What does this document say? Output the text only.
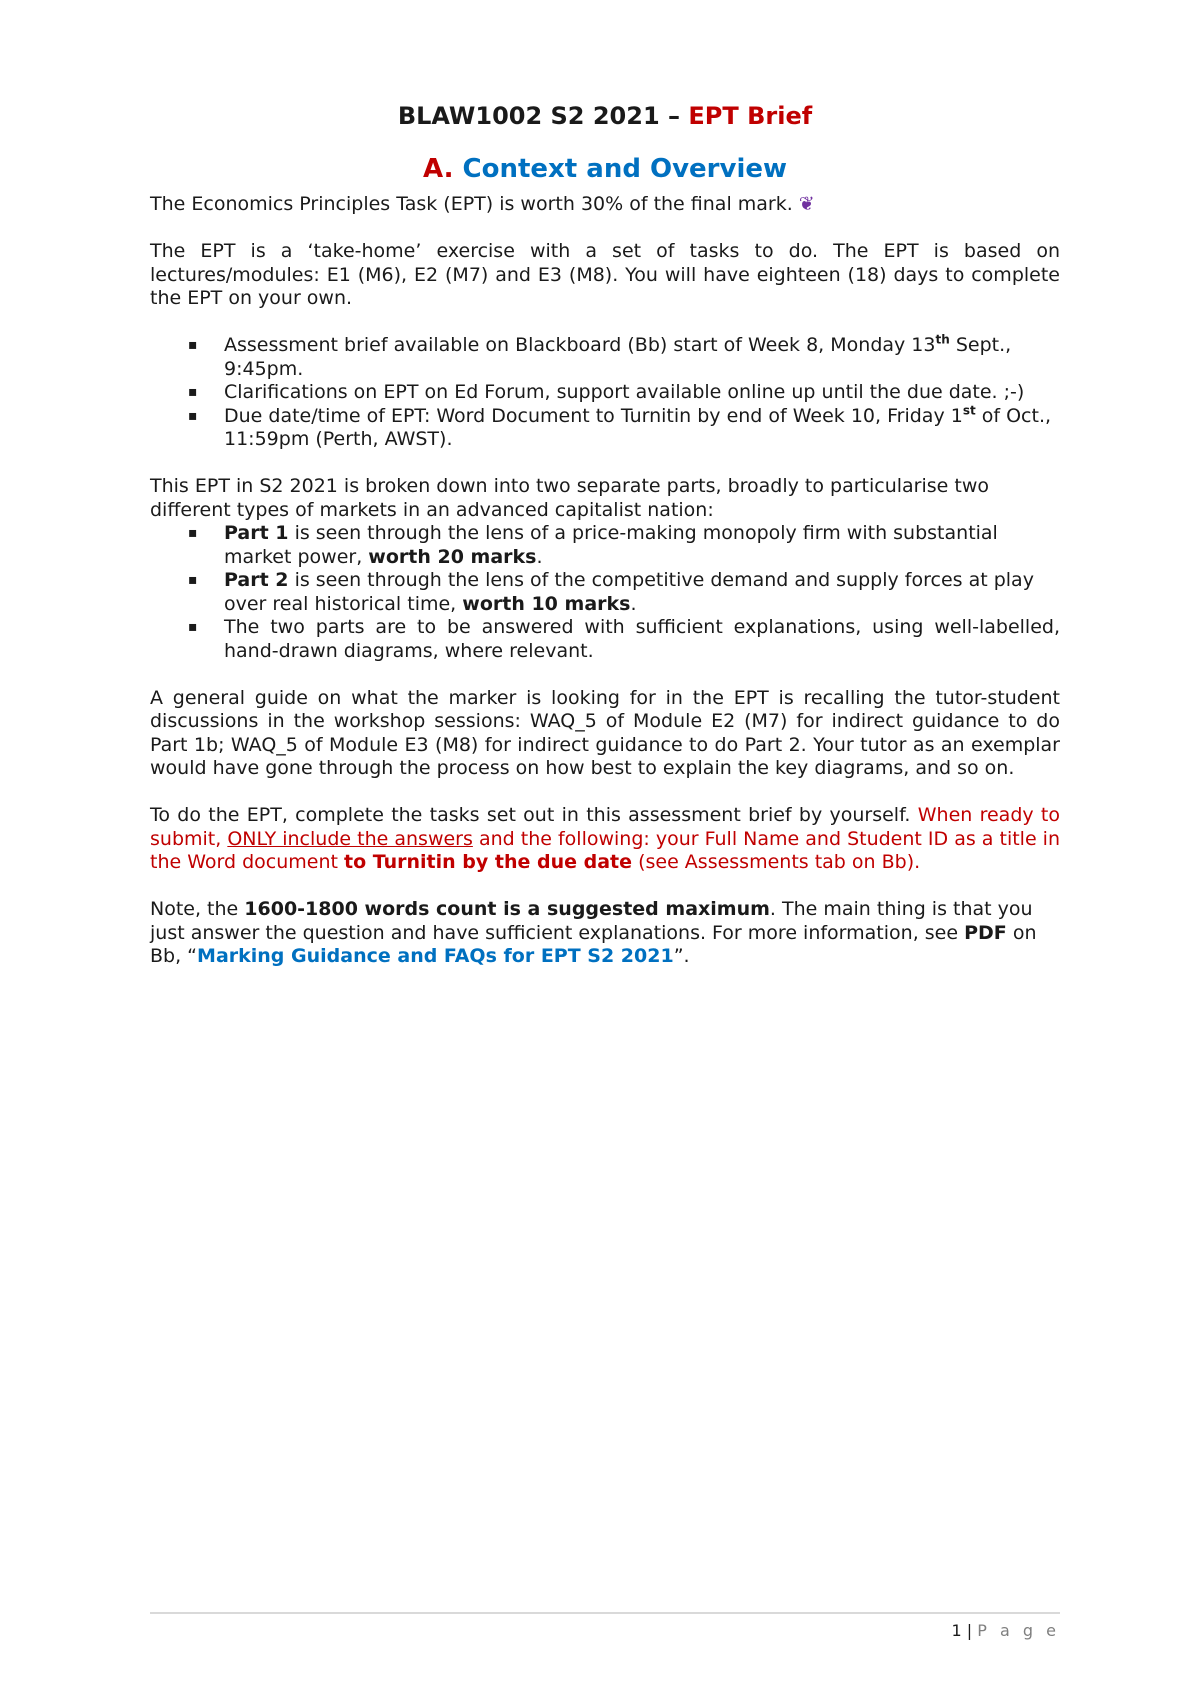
BLAW1002 S2 2021 – EPT Brief
A. Context and Overview

The Economics Principles Task (EPT) is worth 30% of the final mark. ❦

The EPT is a ‘take-home’ exercise with a set of tasks to do. The EPT is based on lectures/modules: E1 (M6), E2 (M7) and E3 (M8). You will have eighteen (18) days to complete the EPT on your own.

▪	Assessment brief available on Blackboard (Bb) start of Week 8, Monday 13th Sept., 9:45pm.
▪	Clarifications on EPT on Ed Forum, support available online up until the due date. ;-)
▪	Due date/time of EPT: Word Document to Turnitin by end of Week 10, Friday 1st of Oct., 11:59pm (Perth, AWST).

This EPT in S2 2021 is broken down into two separate parts, broadly to particularise two different types of markets in an advanced capitalist nation:

▪	Part 1 is seen through the lens of a price-making monopoly firm with substantial market power, worth 20 marks.
▪	Part 2 is seen through the lens of the competitive demand and supply forces at play over real historical time, worth 10 marks.
▪	The two parts are to be answered with sufficient explanations, using well-labelled, hand-drawn diagrams, where relevant.

A general guide on what the marker is looking for in the EPT is recalling the tutor-student discussions in the workshop sessions: WAQ_5 of Module E2 (M7) for indirect guidance to do Part 1b; WAQ_5 of Module E3 (M8) for indirect guidance to do Part 2. Your tutor as an exemplar would have gone through the process on how best to explain the key diagrams, and so on.

To do the EPT, complete the tasks set out in this assessment brief by yourself. When ready to submit, ONLY include the answers and the following: your Full Name and Student ID as a title in the Word document to Turnitin by the due date (see Assessments tab on Bb).

Note, the 1600-1800 words count is a suggested maximum. The main thing is that you just answer the question and have sufficient explanations. For more information, see PDF on Bb, “Marking Guidance and FAQs for EPT S2 2021”.

1 | P a g e
